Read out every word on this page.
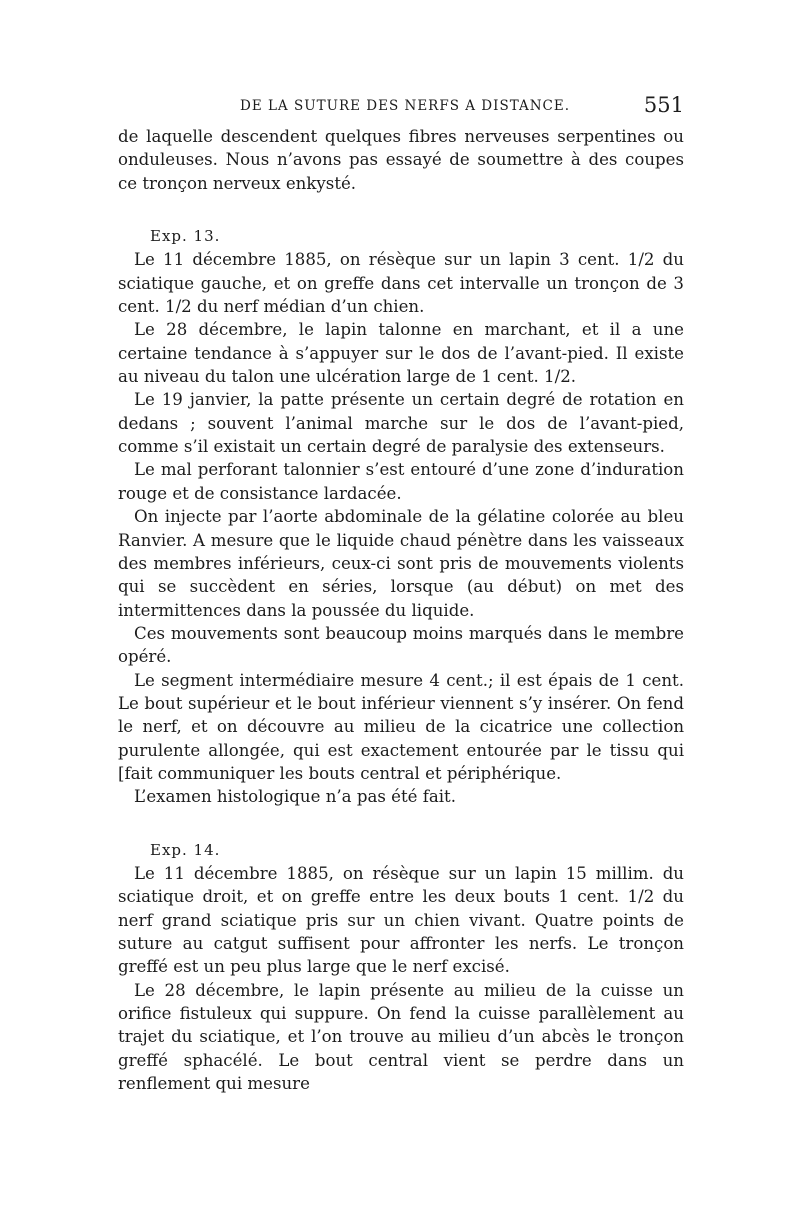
DE LA SUTURE DES NERFS A DISTANCE.	551

de laquelle descendent quelques fibres nerveuses serpentines ou onduleuses. Nous n’avons pas essayé de soumettre à des coupes ce tronçon nerveux enkysté.

Exp. 13.

Le 11 décembre 1885, on résèque sur un lapin 3 cent. 1/2 du sciatique gauche, et on greffe dans cet intervalle un tronçon de 3 cent. 1/2 du nerf médian d’un chien.

Le 28 décembre, le lapin talonne en marchant, et il a une certaine tendance à s’appuyer sur le dos de l’avant-pied. Il existe au niveau du talon une ulcération large de 1 cent. 1/2.

Le 19 janvier, la patte présente un certain degré de rotation en dedans ; souvent l’animal marche sur le dos de l’avant-pied, comme s’il existait un certain degré de paralysie des extenseurs.

Le mal perforant talonnier s’est entouré d’une zone d’induration rouge et de consistance lardacée.

On injecte par l’aorte abdominale de la gélatine colorée au bleu Ranvier. A mesure que le liquide chaud pénètre dans les vaisseaux des membres inférieurs, ceux-ci sont pris de mouvements violents qui se succèdent en séries, lorsque (au début) on met des intermittences dans la poussée du liquide.

Ces mouvements sont beaucoup moins marqués dans le membre opéré.

Le segment intermédiaire mesure 4 cent.; il est épais de 1 cent. Le bout supérieur et le bout inférieur viennent s’y insérer. On fend le nerf, et on découvre au milieu de la cicatrice une collection purulente allongée, qui est exactement entourée par le tissu qui [fait communiquer les bouts central et périphérique.

L’examen histologique n’a pas été fait.

Exp. 14.

Le 11 décembre 1885, on résèque sur un lapin 15 millim. du sciatique droit, et on greffe entre les deux bouts 1 cent. 1/2 du nerf grand sciatique pris sur un chien vivant. Quatre points de suture au catgut suffisent pour affronter les nerfs. Le tronçon greffé est un peu plus large que le nerf excisé.

Le 28 décembre, le lapin présente au milieu de la cuisse un orifice fistuleux qui suppure. On fend la cuisse parallèlement au trajet du sciatique, et l’on trouve au milieu d’un abcès le tronçon greffé sphacélé. Le bout central vient se perdre dans un renflement qui mesure
